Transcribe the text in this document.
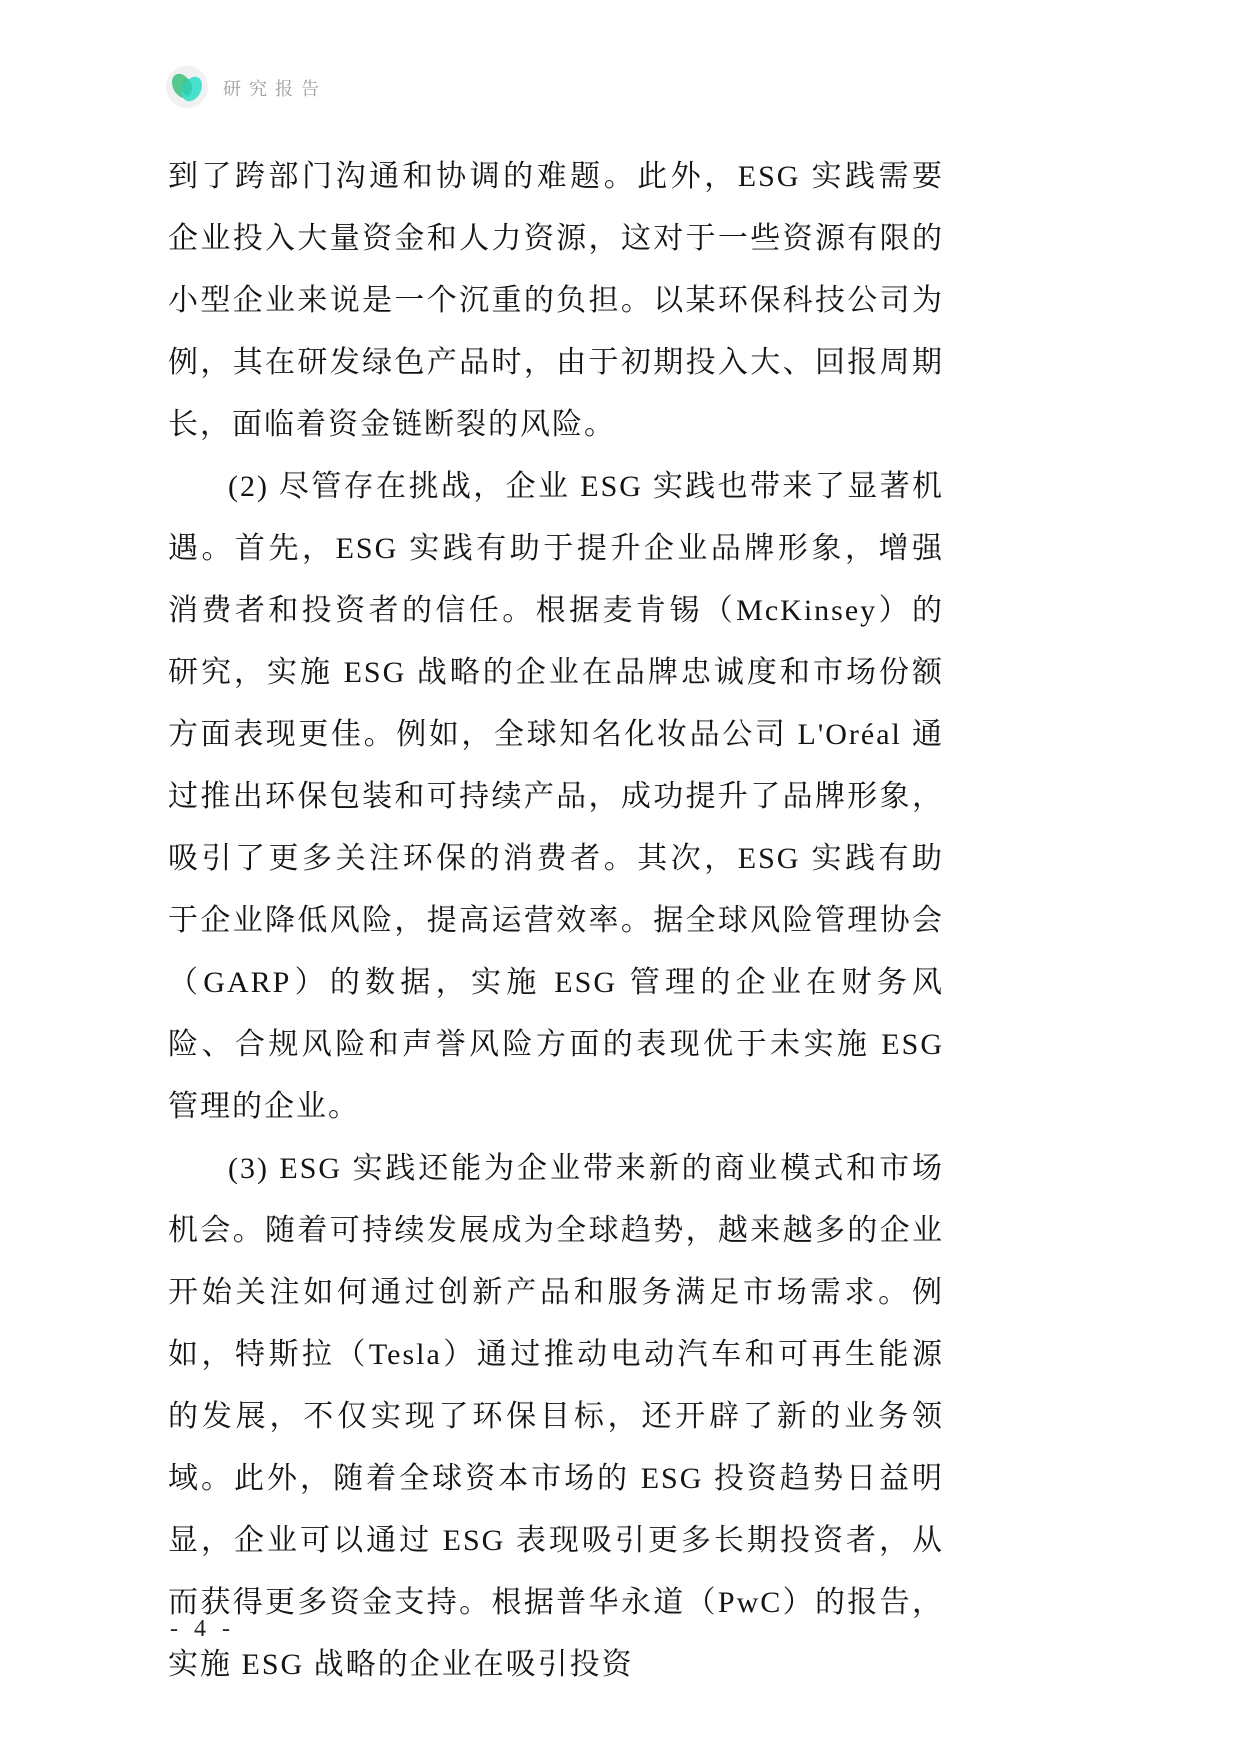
研究报告

到了跨部门沟通和协调的难题。此外，ESG 实践需要企业投入大量资金和人力资源，这对于一些资源有限的小型企业来说是一个沉重的负担。以某环保科技公司为例，其在研发绿色产品时，由于初期投入大、回报周期长，面临着资金链断裂的风险。

(2) 尽管存在挑战，企业 ESG 实践也带来了显著机遇。首先，ESG 实践有助于提升企业品牌形象，增强消费者和投资者的信任。根据麦肯锡（McKinsey）的研究，实施 ESG 战略的企业在品牌忠诚度和市场份额方面表现更佳。例如，全球知名化妆品公司 L'Oréal 通过推出环保包装和可持续产品，成功提升了品牌形象，吸引了更多关注环保的消费者。其次，ESG 实践有助于企业降低风险，提高运营效率。据全球风险管理协会（GARP）的数据，实施 ESG 管理的企业在财务风险、合规风险和声誉风险方面的表现优于未实施 ESG 管理的企业。

(3) ESG 实践还能为企业带来新的商业模式和市场机会。随着可持续发展成为全球趋势，越来越多的企业开始关注如何通过创新产品和服务满足市场需求。例如，特斯拉（Tesla）通过推动电动汽车和可再生能源的发展，不仅实现了环保目标，还开辟了新的业务领域。此外，随着全球资本市场的 ESG 投资趋势日益明显，企业可以通过 ESG 表现吸引更多长期投资者，从而获得更多资金支持。根据普华永道（PwC）的报告，实施 ESG 战略的企业在吸引投资

- 4 -
